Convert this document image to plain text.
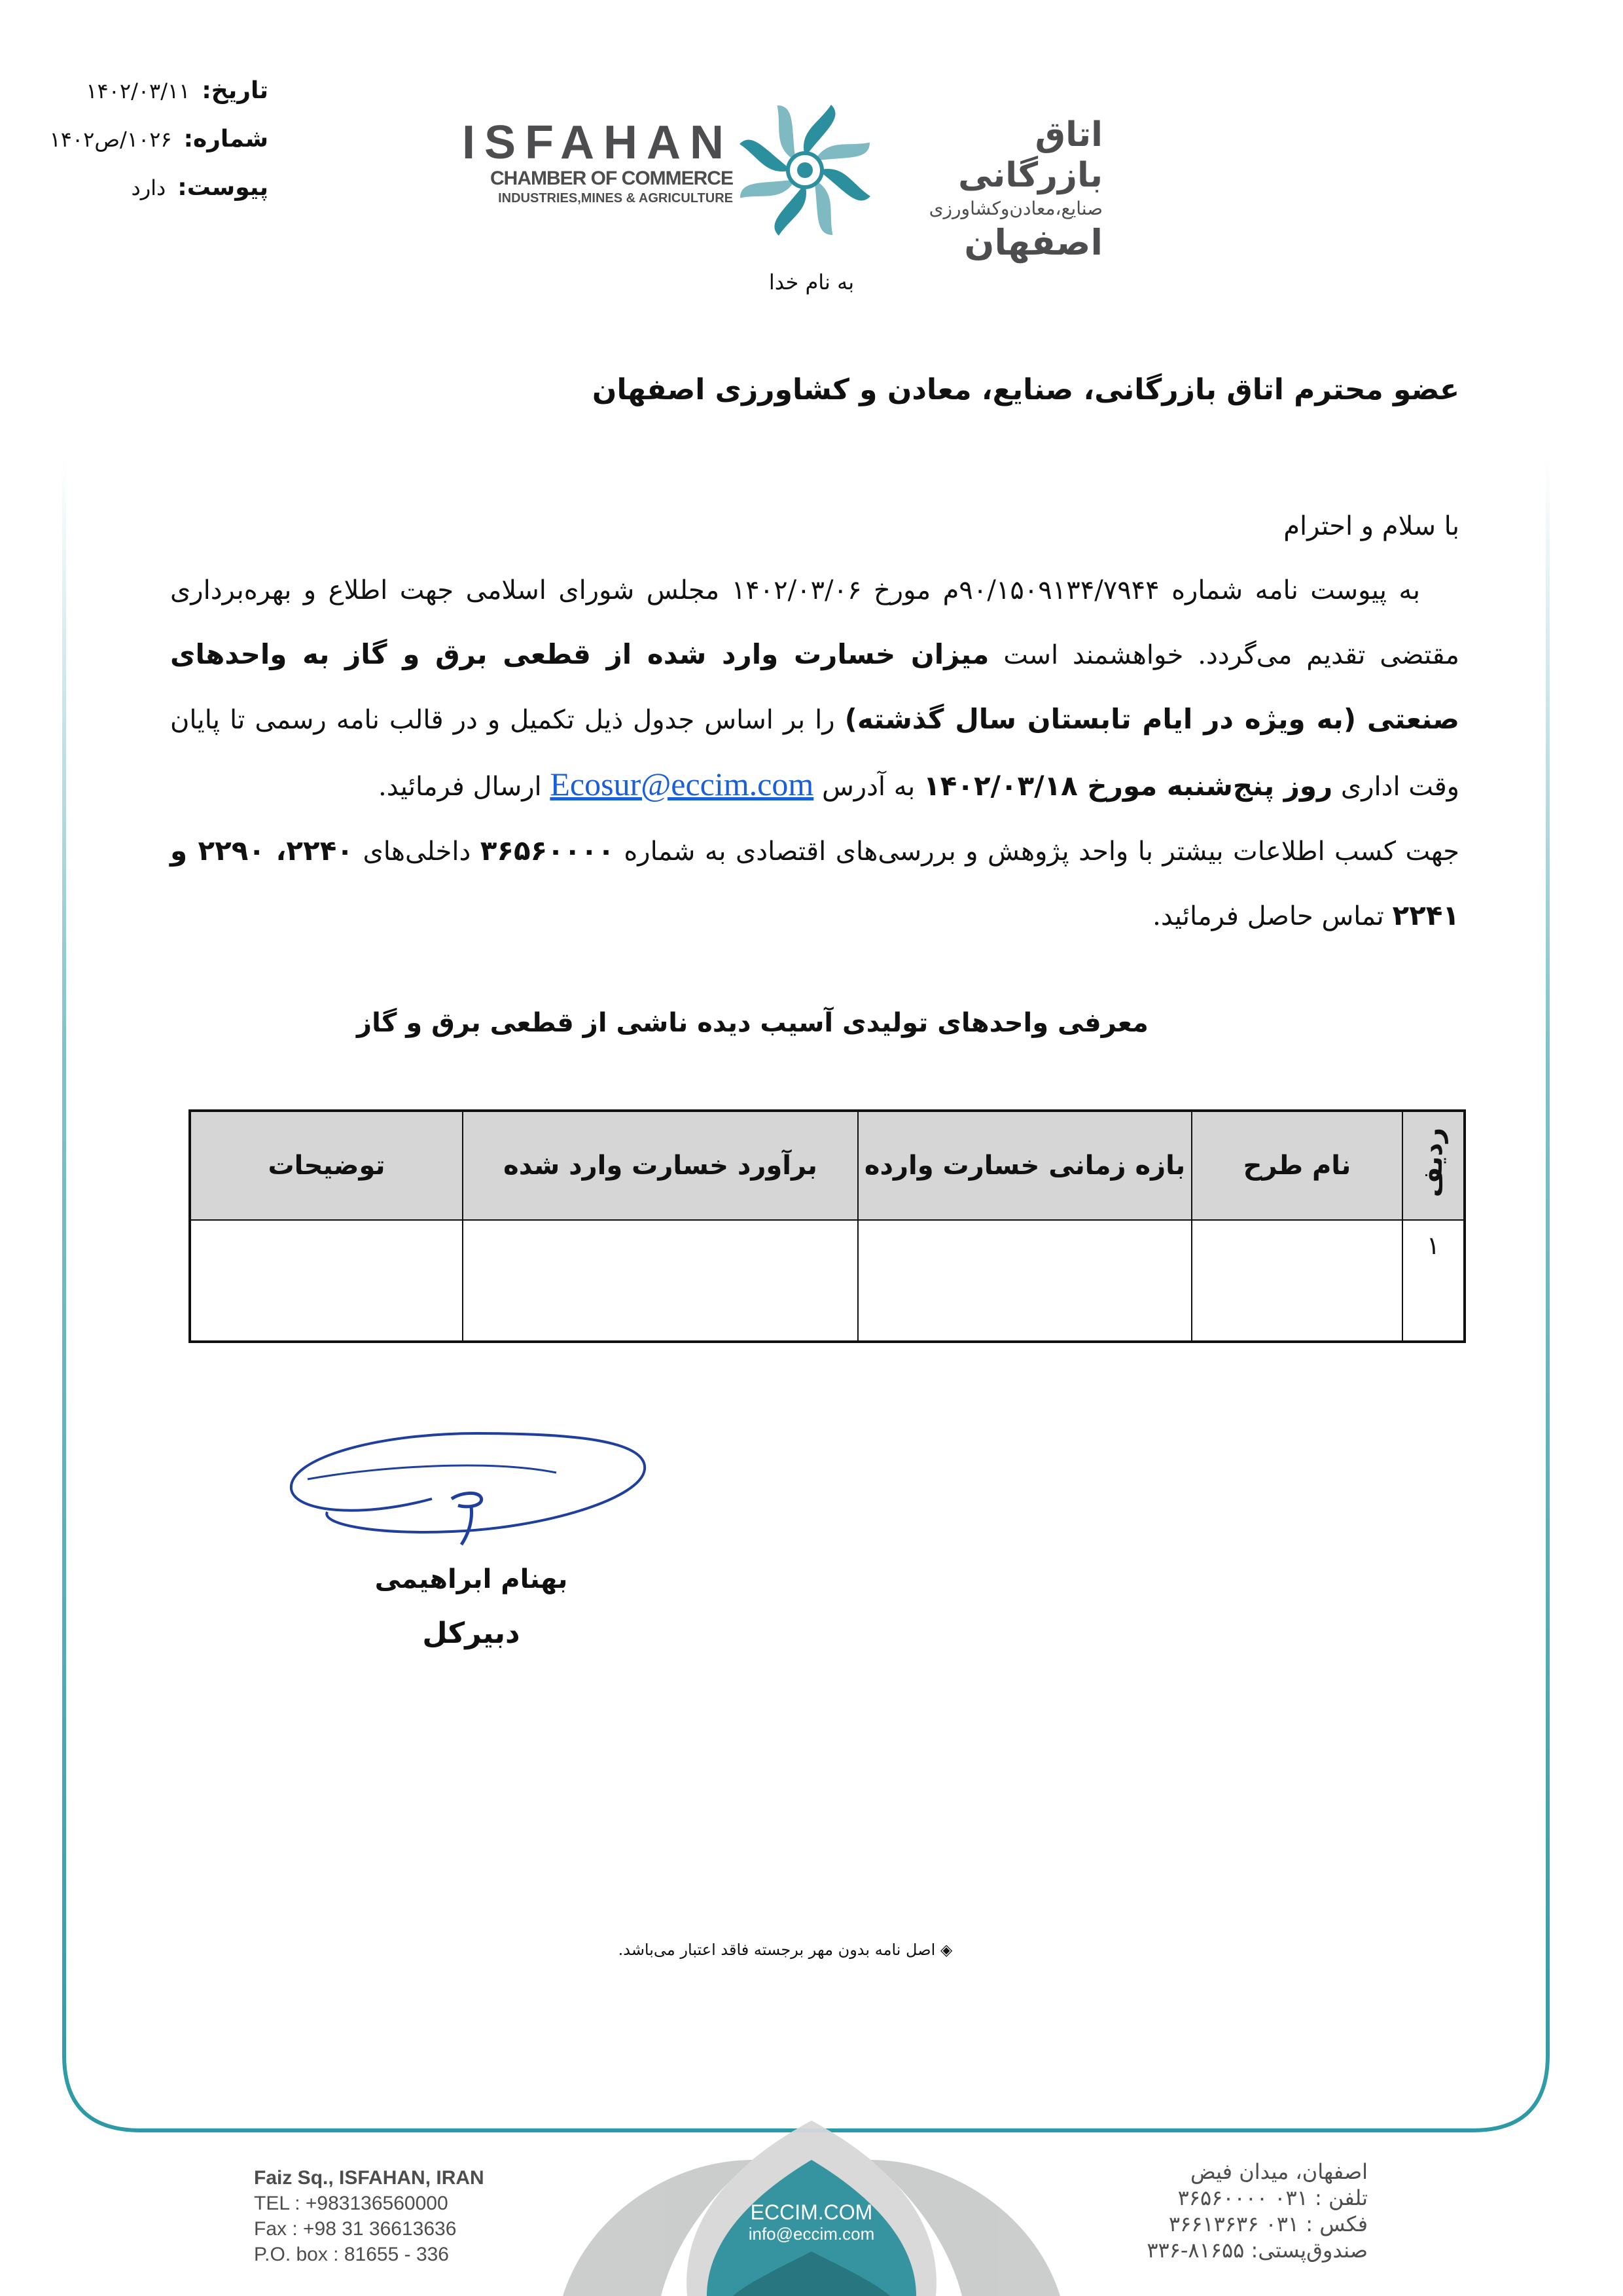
تاریخ:
۱۴۰۲/۰۳/۱۱
شماره:
۱۰۲۶/ص۱۴۰۲
پیوست:
دارد
ISFAHAN
CHAMBER OF COMMERCE
INDUSTRIES,MINES & AGRICULTURE
اتاق بازرگانی
صنایع،معادن‌وکشاورزی
اصفهان
به نام خدا
عضو محترم اتاق بازرگانی، صنایع، معادن و کشاورزی اصفهان

با سلام و احترام

به پیوست نامه شماره ۹۰/۱۵۰۹۱۳۴/۷۹۴۴م مورخ ۱۴۰۲/۰۳/۰۶ مجلس شورای اسلامی جهت اطلاع و بهره‌برداری مقتضی تقدیم می‌گردد. خواهشمند است میزان خسارت وارد شده از قطعی برق و گاز به واحدهای صنعتی (به ویژه در ایام تابستان سال گذشته) را بر اساس جدول ذیل تکمیل و در قالب نامه رسمی تا پایان وقت اداری روز پنج‌شنبه مورخ ۱۴۰۲/۰۳/۱۸ به آدرس Ecosur@eccim.com ارسال فرمائید.

جهت کسب اطلاعات بیشتر با واحد پژوهش و بررسی‌های اقتصادی به شماره ۳۶۵۶۰۰۰۰ داخلی‌های ۲۲۴۰، ۲۲۹۰ و ۲۲۴۱ تماس حاصل فرمائید.

معرفی واحدهای تولیدی آسیب دیده ناشی از قطعی برق و گاز
ردیف	نام طرح	بازه زمانی خسارت وارده	برآورد خسارت وارد شده	توضیحات
۱				
بهنام ابراهیمی
دبیرکل
◈ اصل نامه بدون مهر برجسته فاقد اعتبار می‌باشد.
Faiz Sq., ISFAHAN, IRAN
TEL : +983136560000
Fax : +98 31 36613636
P.O. box : 81655 - 336
ECCIM.COM
info@eccim.com
اصفهان، میدان فیض
تلفن : ۰۳۱ ۳۶۵۶۰۰۰۰
فکس : ۰۳۱ ۳۶۶۱۳۶۳۶
صندوق‌پستی: ۸۱۶۵۵-۳۳۶
